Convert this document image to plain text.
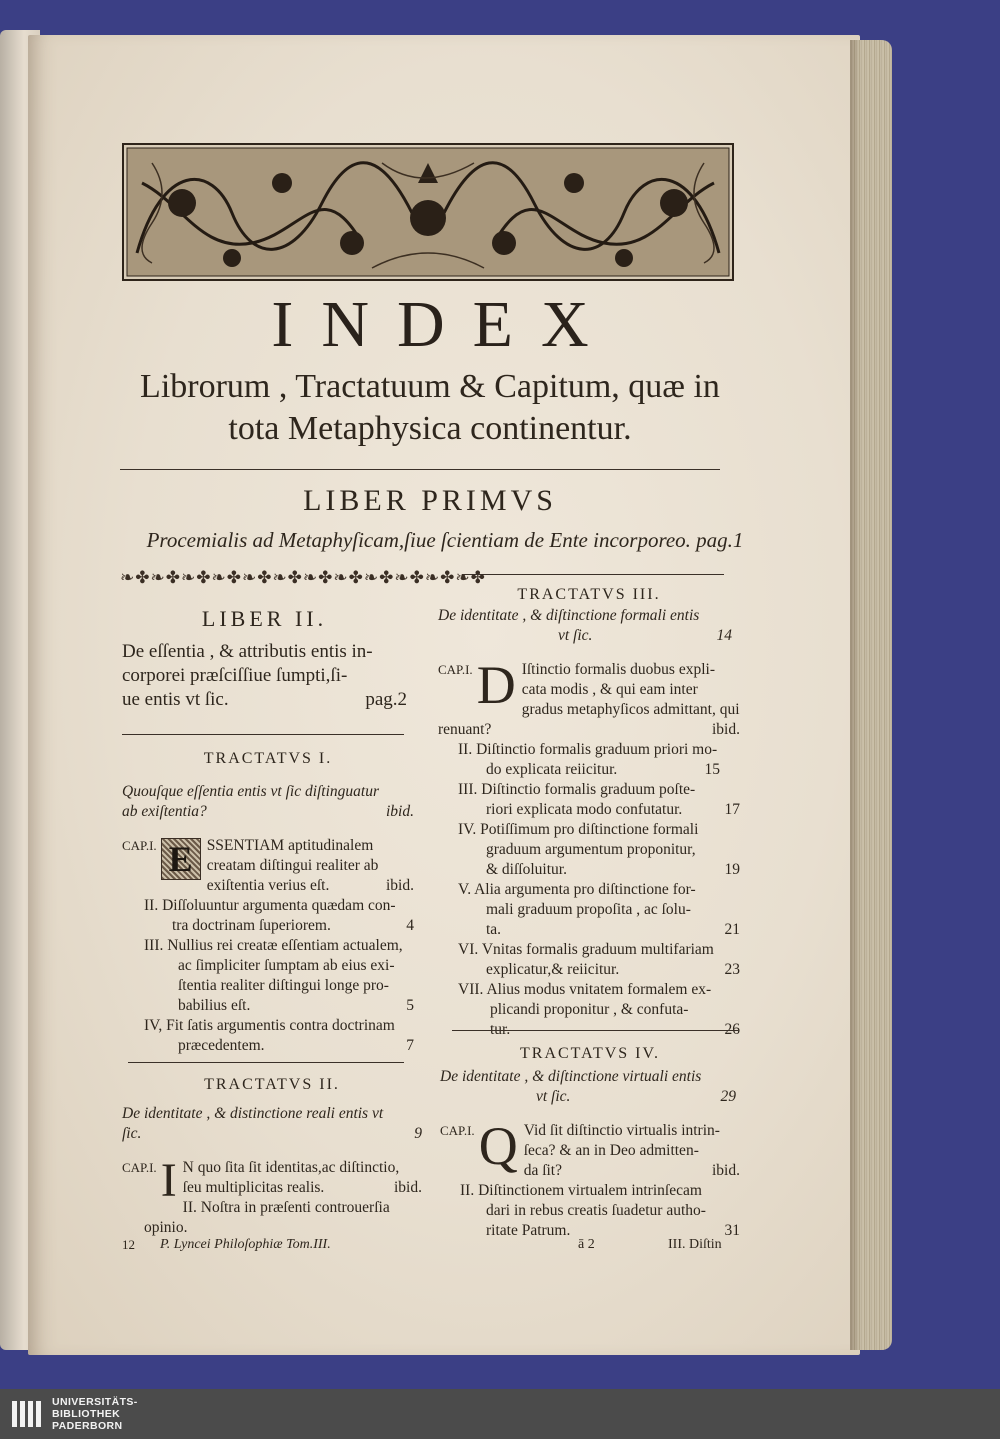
INDEX
Librorum , Tractatuum & Capitum, quæ in
tota Metaphysica continentur.
LIBER PRIMVS
Procemialis ad Metaphyſicam,ſiue ſcientiam de Ente incorporeo. pag.1
❧✤❧✤❧✤❧✤❧✤❧✤❧✤❧✤❧✤❧✤❧✤❧✤
LIBER II.
De eſſentia , & attributis entis in-
corporei præſciſſiue ſumpti,ſi-
ue entis vt ſic.	pag.2
TRACTATVS I.
Quouſque eſſentia entis vt ſic diſtinguatur
ab exiſtentia?	ibid.
CAP.I. E SSENTIAM aptitudinalem
creatam diſtingui realiter ab
exiſtentia verius eſt.	ibid.
II. Diſſoluuntur argumenta quædam con-
tra doctrinam ſuperiorem.	4
III. Nullius rei creatæ eſſentiam actualem,
ac ſimpliciter ſumptam ab eius exi-
ſtentia realiter diſtingui longe pro-
babilius eſt.	5
IV, Fit ſatis argumentis contra doctrinam
præcedentem.	7
TRACTATVS II.
De identitate , & distinctione reali entis vt
ſic.	9
CAP.I. I N quo ſita ſit identitas,ac diſtinctio,
ſeu multiplicitas realis.	ibid.
II. Noſtra in præſenti controuerſia opinio.
12	P. Lyncei Philoſophiæ Tom.III.
TRACTATVS III.
De identitate , & diſtinctione formali entis
vt ſic.	14
CAP.I. D Iſtinctio formalis duobus expli-
cata modis , & qui eam inter
gradus metaphyſicos admittant, qui
renuant?	ibid.
II. Diſtinctio formalis graduum priori mo-
do explicata reiicitur.	15
III. Diſtinctio formalis graduum poſte-
riori explicata modo confutatur.	17
IV. Potiſſimum pro diſtinctione formali
graduum argumentum proponitur,
& diſſoluitur.	19
V. Alia argumenta pro diſtinctione for-
mali graduum propoſita , ac ſolu-
ta.	21
VI. Vnitas formalis graduum multifariam
explicatur,& reiicitur.	23
VII. Alius modus vnitatem formalem ex-
plicandi proponitur , & confuta-
tur.	26
TRACTATVS IV.
De identitate , & diſtinctione virtuali entis
vt ſic.	29
CAP.I. Q Vid ſit diſtinctio virtualis intrin-
ſeca? & an in Deo admitten-
da ſit?	ibid.
II. Diſtinctionem virtualem intrinſecam
dari in rebus creatis ſuadetur autho-
ritate Patrum.	31
ā 2	III. Diſtin
UNIVERSITÄTS-
BIBLIOTHEK
PADERBORN
